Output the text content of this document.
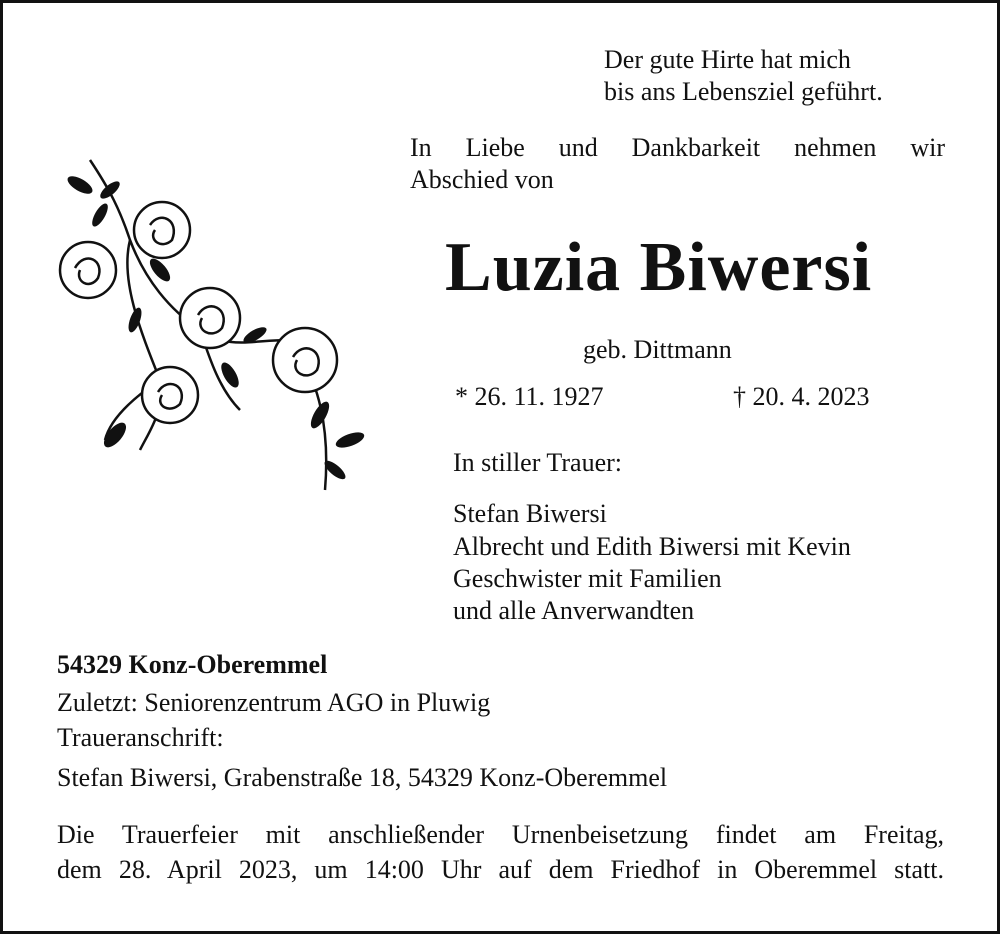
Der gute Hirte hat mich
bis ans Lebensziel geführt.
In Liebe und Dankbarkeit nehmen wir
Abschied von
Luzia Biwersi
geb. Dittmann
* 26. 11. 1927	† 20. 4. 2023
In stiller Trauer:
Stefan Biwersi
Albrecht und Edith Biwersi mit Kevin
Geschwister mit Familien
und alle Anverwandten
54329 Konz-Oberemmel
Zuletzt: Seniorenzentrum AGO in Pluwig
Traueranschrift:
Stefan Biwersi, Grabenstraße 18, 54329 Konz-Oberemmel
Die Trauerfeier mit anschließender Urnenbeisetzung findet am Freitag,
dem 28. April 2023, um 14:00 Uhr auf dem Friedhof in Oberemmel statt.
